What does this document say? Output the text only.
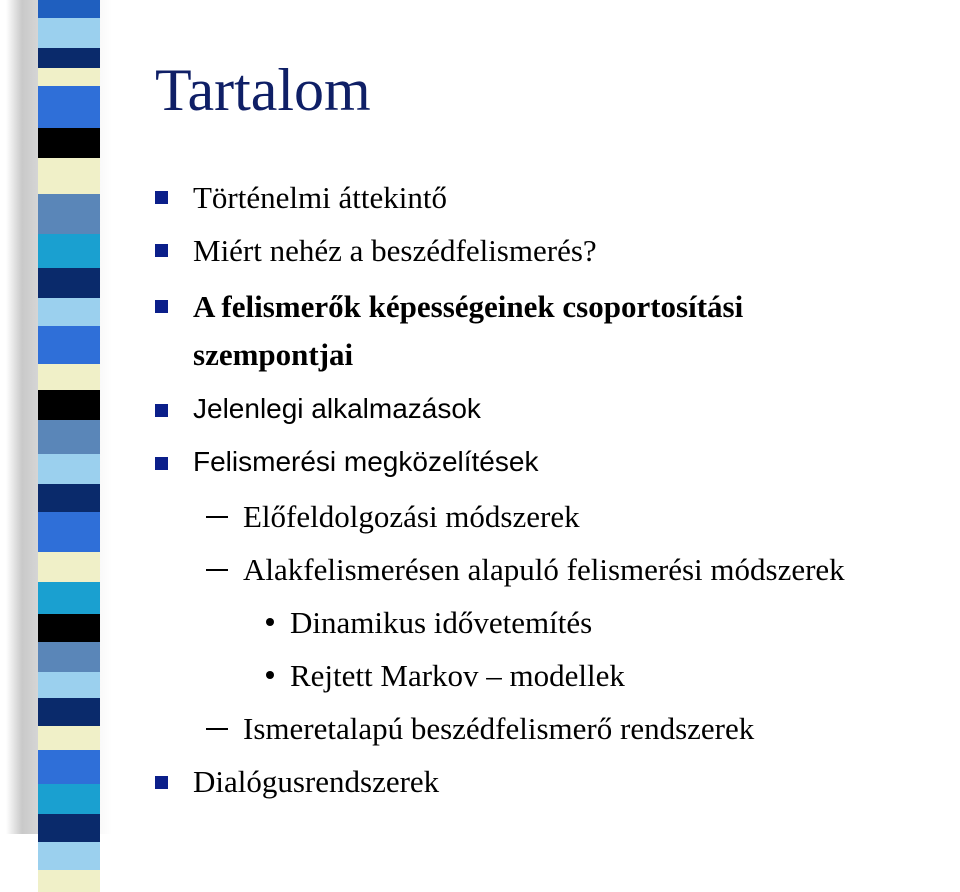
Tartalom
Történelmi áttekintő
Miért nehéz a beszédfelismerés?
A felismerők képességeinek csoportosítási
szempontjai
Jelenlegi alkalmazások
Felismerési megközelítések
Előfeldolgozási módszerek
Alakfelismerésen alapuló felismerési módszerek
Dinamikus idővetemítés
Rejtett Markov – modellek
Ismeretalapú beszédfelismerő rendszerek
Dialógusrendszerek
